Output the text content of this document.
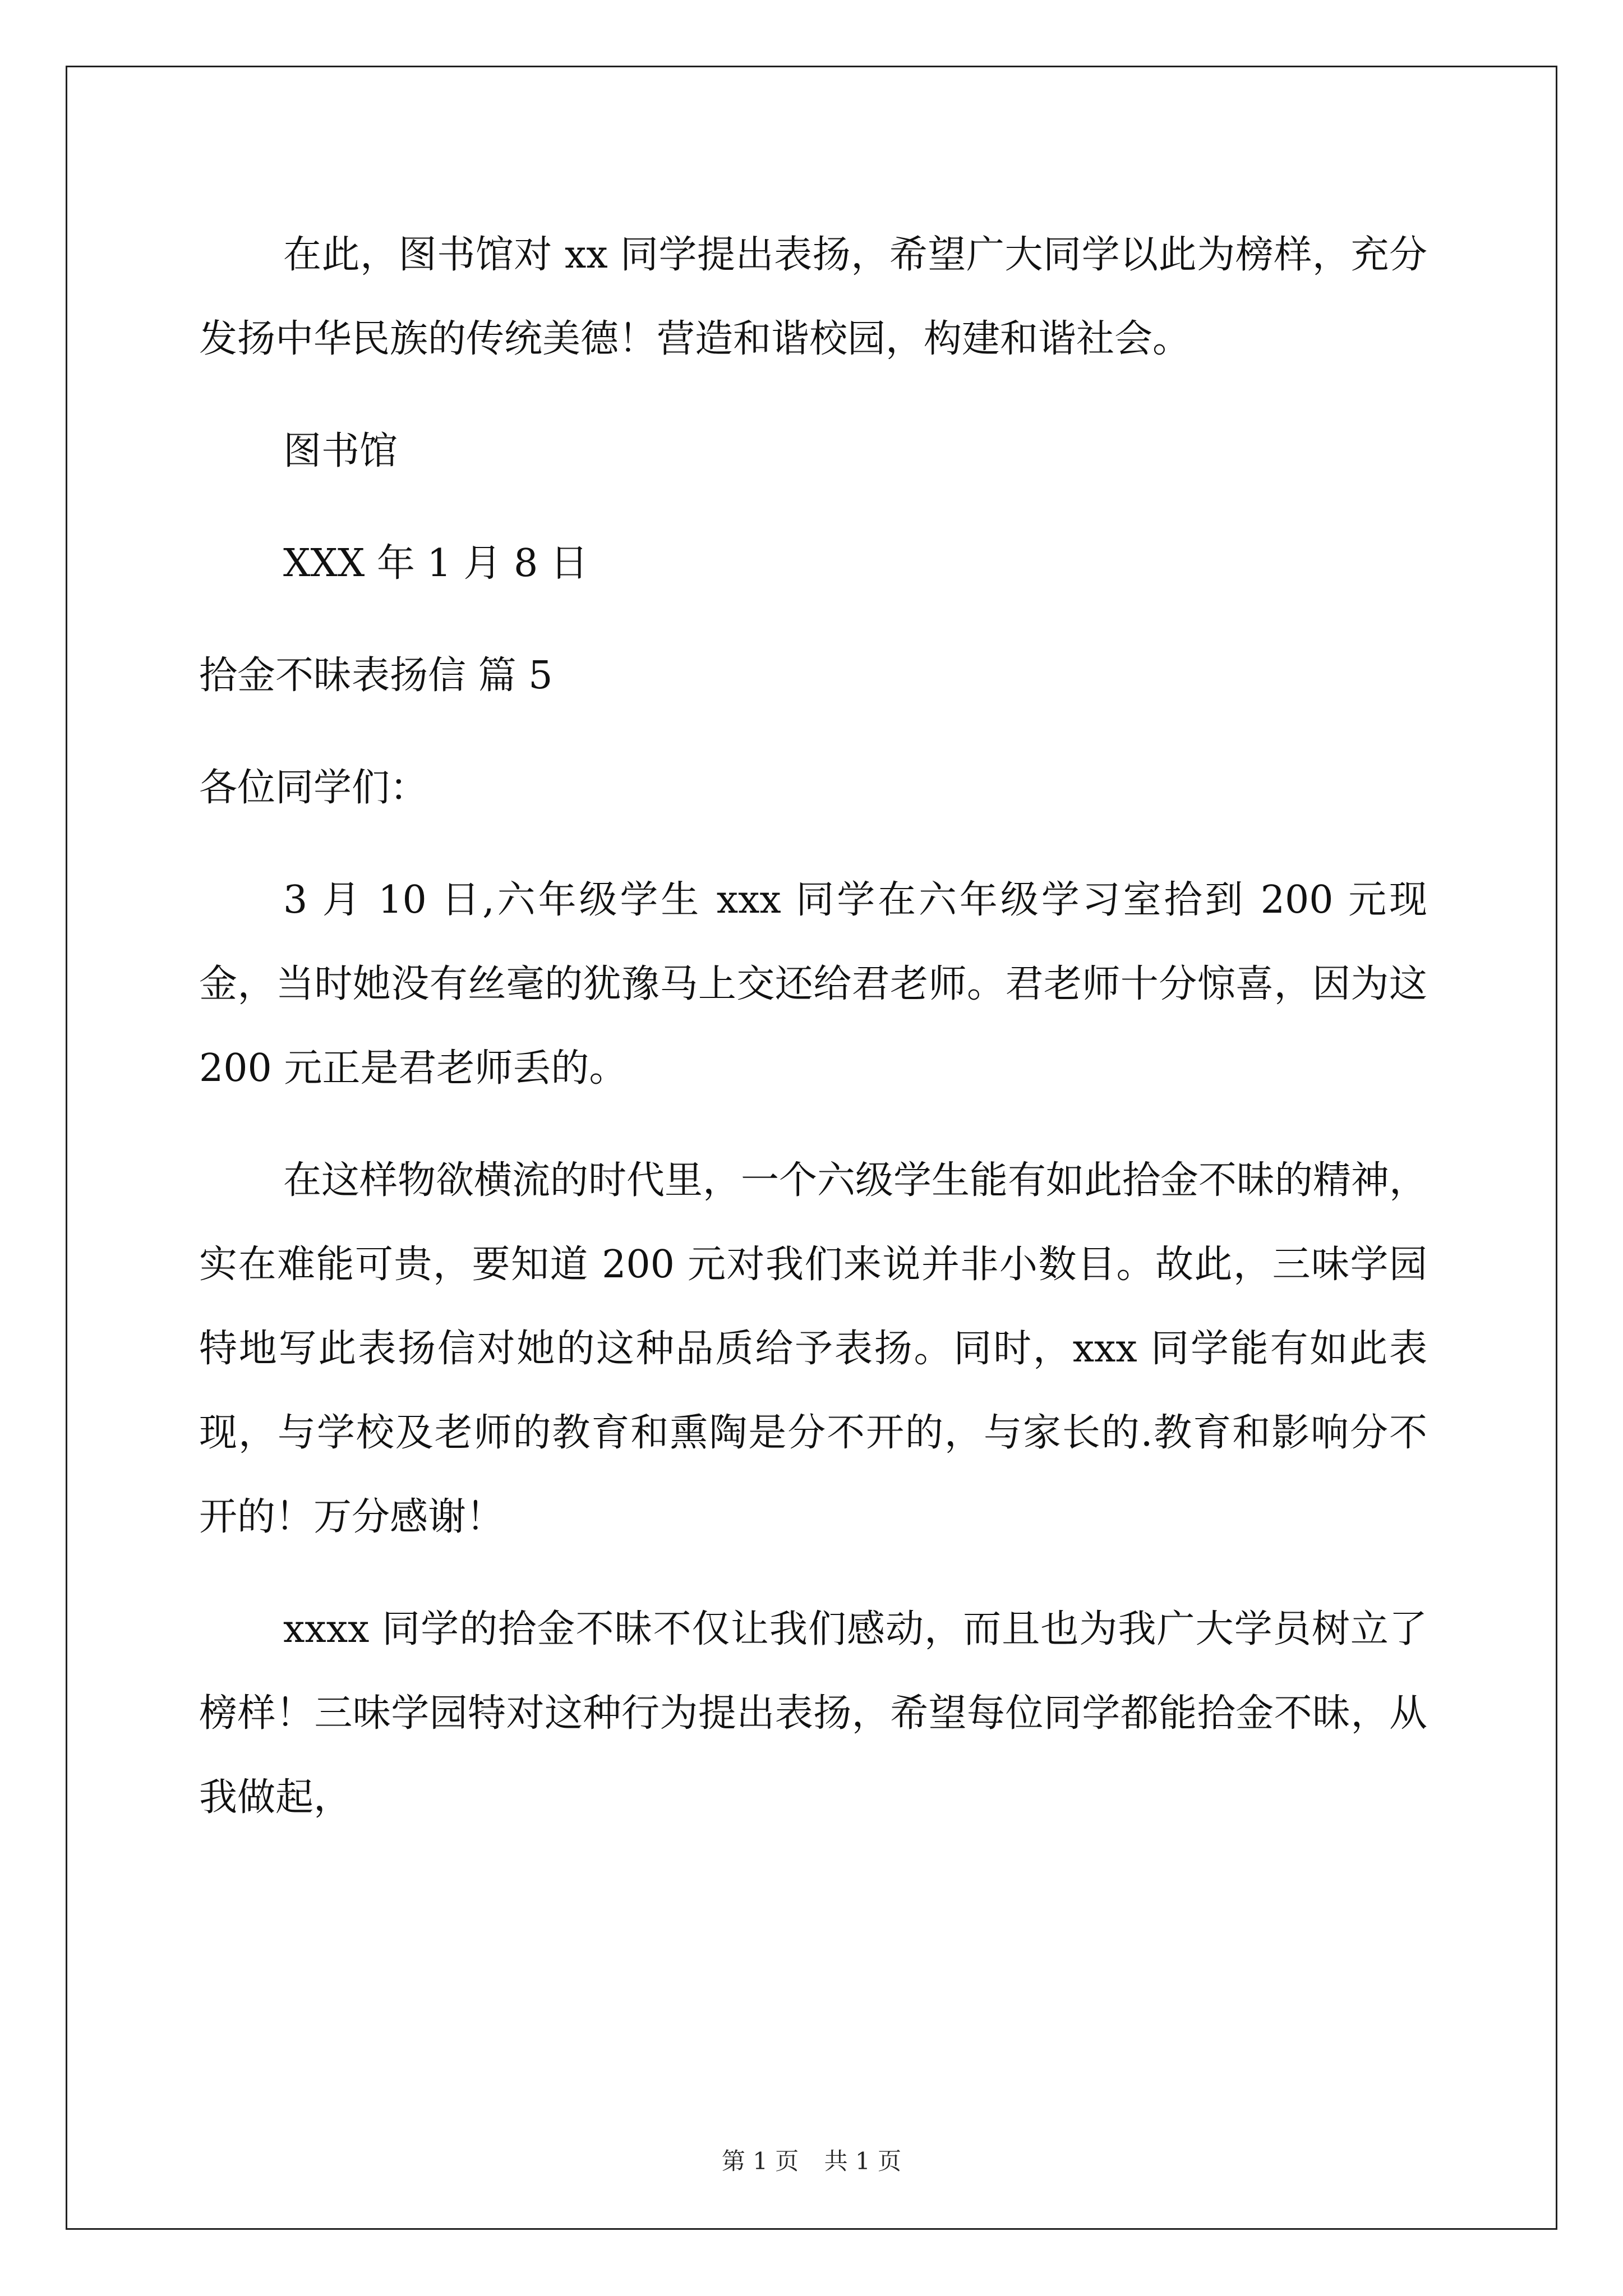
在此，图书馆对 xx 同学提出表扬，希望广大同学以此为榜样，充分发扬中华民族的传统美德！营造和谐校园，构建和谐社会。

图书馆

XXX 年 1 月 8 日

拾金不昧表扬信 篇 5

各位同学们：

3 月 10 日,六年级学生 xxx 同学在六年级学习室拾到 200 元现金，当时她没有丝毫的犹豫马上交还给君老师。君老师十分惊喜，因为这 200 元正是君老师丢的。

在这样物欲横流的时代里，一个六级学生能有如此拾金不昧的精神，实在难能可贵，要知道 200 元对我们来说并非小数目。故此，三味学园特地写此表扬信对她的这种品质给予表扬。同时，xxx 同学能有如此表现，与学校及老师的教育和熏陶是分不开的，与家长的.教育和影响分不开的！万分感谢！

xxxx 同学的拾金不昧不仅让我们感动，而且也为我广大学员树立了榜样！三味学园特对这种行为提出表扬，希望每位同学都能拾金不昧，从我做起，

第 1 页 共 1 页
